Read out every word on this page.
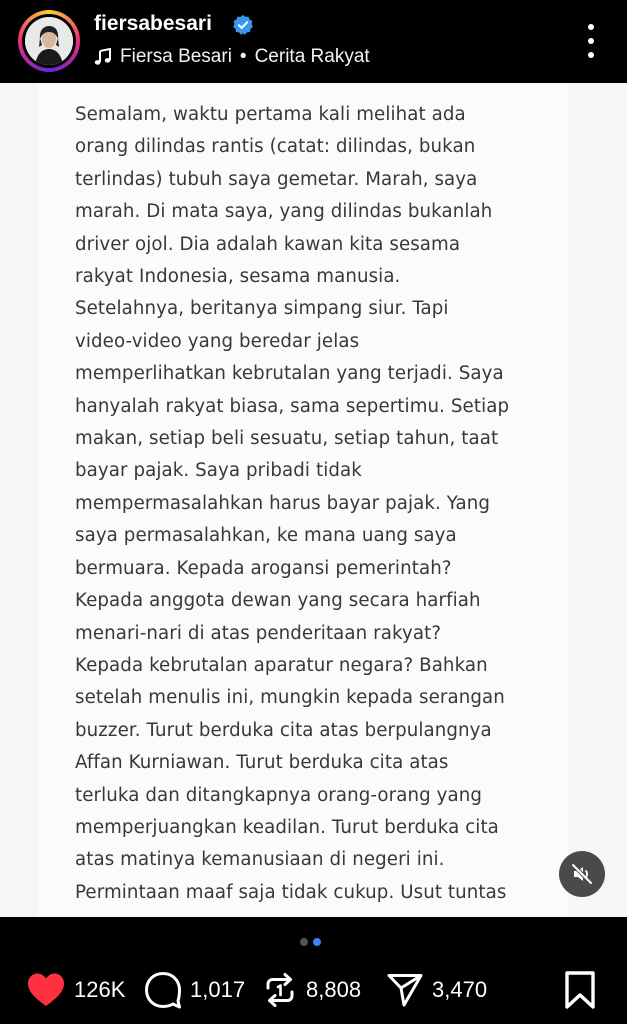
fiersabesari
Fiersa Besari • Cerita Rakyat
Semalam, waktu pertama kali melihat ada
orang dilindas rantis (catat: dilindas, bukan
terlindas) tubuh saya gemetar. Marah, saya
marah. Di mata saya, yang dilindas bukanlah
driver ojol. Dia adalah kawan kita sesama
rakyat Indonesia, sesama manusia.
Setelahnya, beritanya simpang siur. Tapi
video-video yang beredar jelas
memperlihatkan kebrutalan yang terjadi. Saya
hanyalah rakyat biasa, sama sepertimu. Setiap
makan, setiap beli sesuatu, setiap tahun, taat
bayar pajak. Saya pribadi tidak
mempermasalahkan harus bayar pajak. Yang
saya permasalahkan, ke mana uang saya
bermuara. Kepada arogansi pemerintah?
Kepada anggota dewan yang secara harfiah
menari-nari di atas penderitaan rakyat?
Kepada kebrutalan aparatur negara? Bahkan
setelah menulis ini, mungkin kepada serangan
buzzer. Turut berduka cita atas berpulangnya
Affan Kurniawan. Turut berduka cita atas
terluka dan ditangkapnya orang-orang yang
memperjuangkan keadilan. Turut berduka cita
atas matinya kemanusiaan di negeri ini.
Permintaan maaf saja tidak cukup. Usut tuntas
126K	1,017	8,808	3,470
